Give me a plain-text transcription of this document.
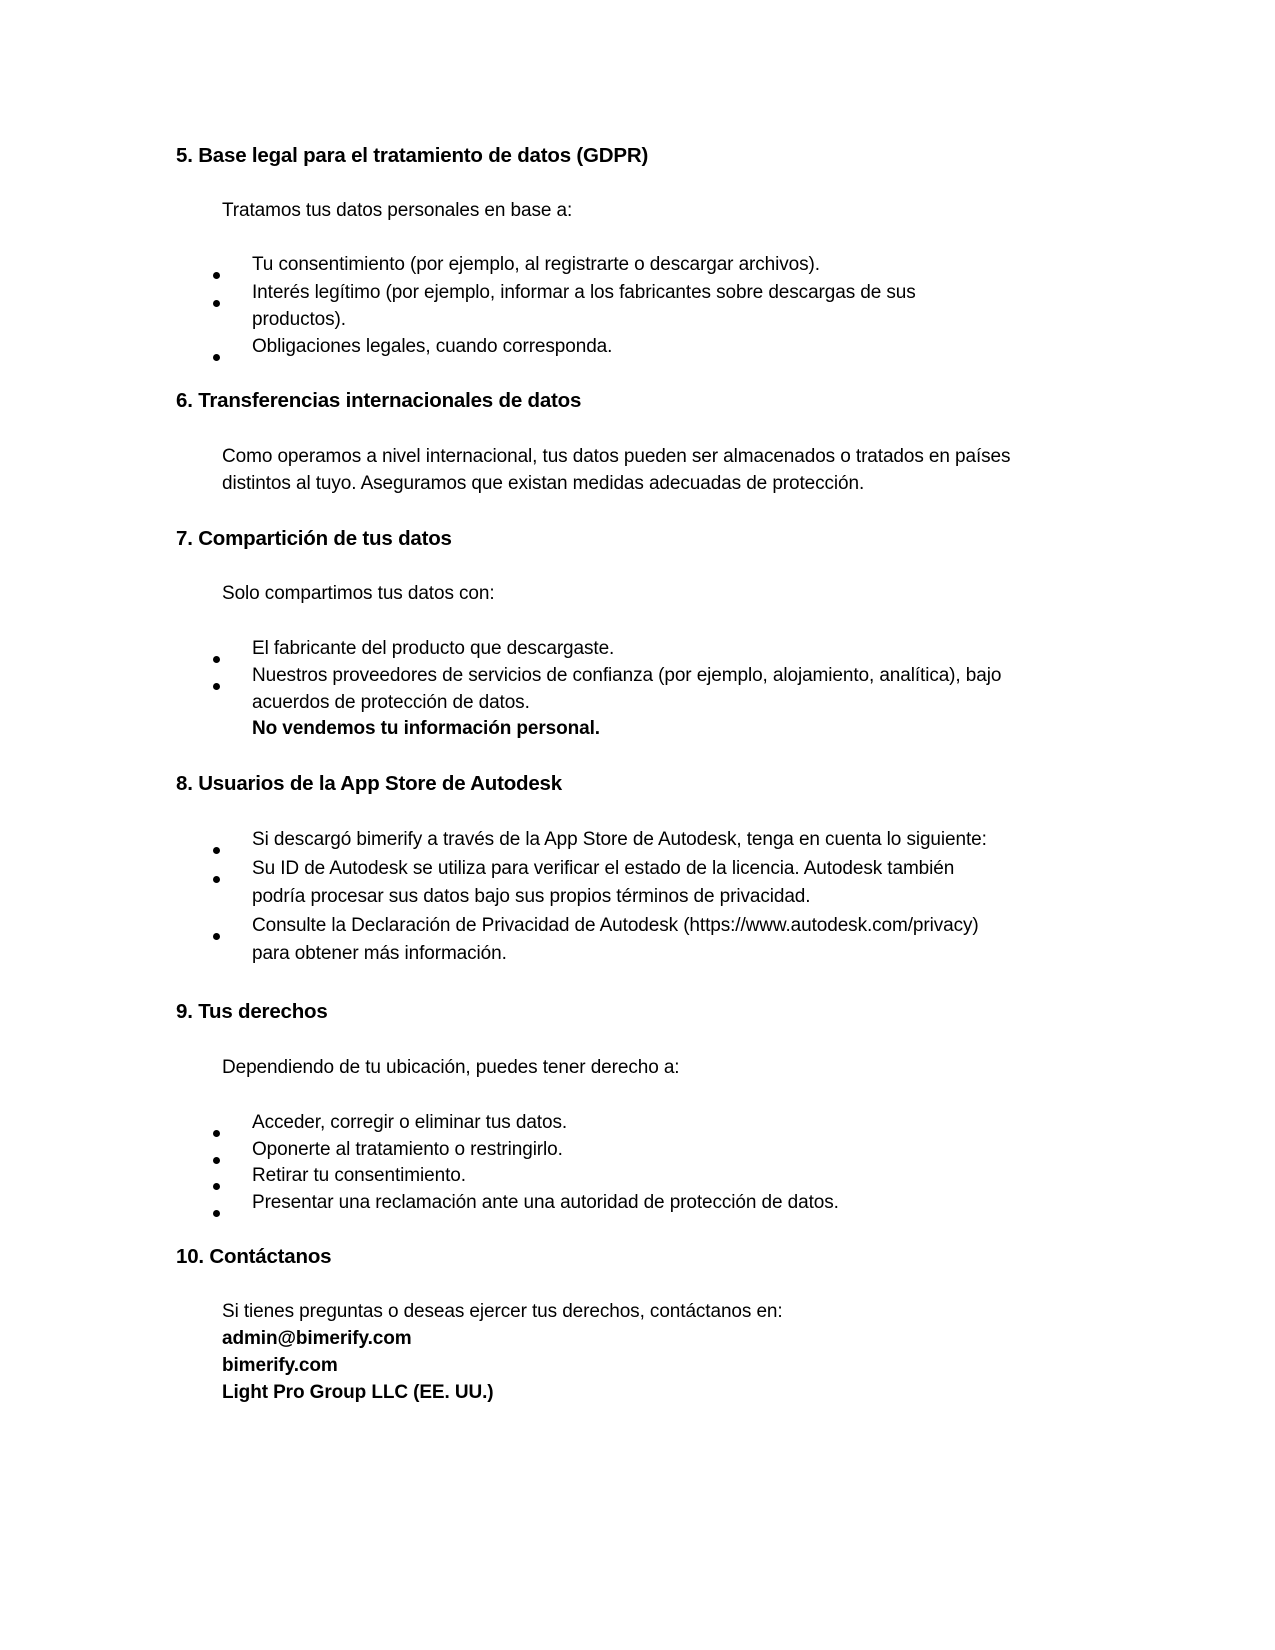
5. Base legal para el tratamiento de datos (GDPR)
Tratamos tus datos personales en base a:
Tu consentimiento (por ejemplo, al registrarte o descargar archivos).
Interés legítimo (por ejemplo, informar a los fabricantes sobre descargas de sus
productos).
Obligaciones legales, cuando corresponda.
6. Transferencias internacionales de datos
Como operamos a nivel internacional, tus datos pueden ser almacenados o tratados en países
distintos al tuyo. Aseguramos que existan medidas adecuadas de protección.
7. Compartición de tus datos
Solo compartimos tus datos con:
El fabricante del producto que descargaste.
Nuestros proveedores de servicios de confianza (por ejemplo, alojamiento, analítica), bajo
acuerdos de protección de datos.
No vendemos tu información personal.
8. Usuarios de la App Store de Autodesk
Si descargó bimerify a través de la App Store de Autodesk, tenga en cuenta lo siguiente:
Su ID de Autodesk se utiliza para verificar el estado de la licencia. Autodesk también
podría procesar sus datos bajo sus propios términos de privacidad.
Consulte la Declaración de Privacidad de Autodesk (https://www.autodesk.com/privacy)
para obtener más información.
9. Tus derechos
Dependiendo de tu ubicación, puedes tener derecho a:
Acceder, corregir o eliminar tus datos.
Oponerte al tratamiento o restringirlo.
Retirar tu consentimiento.
Presentar una reclamación ante una autoridad de protección de datos.
10. Contáctanos
Si tienes preguntas o deseas ejercer tus derechos, contáctanos en:
admin@bimerify.com
bimerify.com
Light Pro Group LLC (EE. UU.)
